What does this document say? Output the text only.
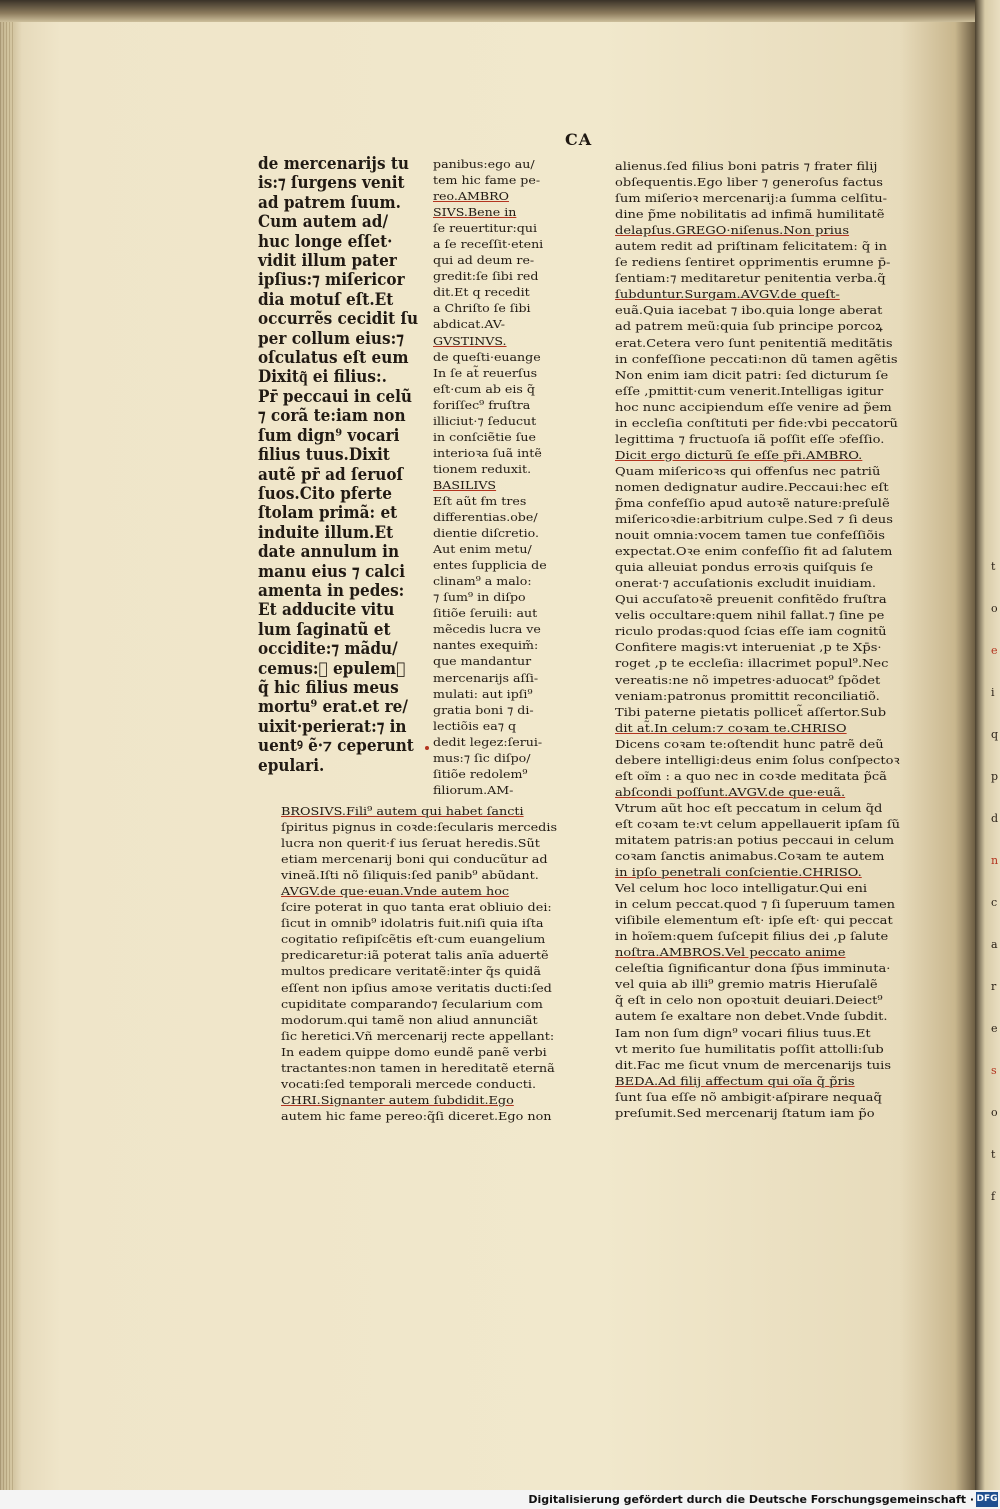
t
o
e
i
q
p
d
n
c
a
r
e
s
o
t
f
CA
de mercenarijs tu
is:⁊ ſurgens venit
ad patrem ſuum.
Cum autem ad/
huc longe eſſet·
vidit illum pater
ipſius:⁊ miſericor
dia motuſ eſt.Et
occurrẽs cecidit ſu
per collum eius:⁊
oſculatus eſt eum
Dixitq͂ ei filius:.
Pr̄ peccaui in celũ
⁊ corã te:iam non
ſum dign⁹ vocari
filius tuus.Dixit
autẽ pr̄ ad ſeruoſ
ſuos.Cito pferte
ſtolam primã: et
induite illum.Et
date annulum in
manu eius ⁊ calci
amenta in pedes:
Et adducite vitu
lum ſaginatũ et
occidite:⁊ mãdu/
cemus:⁊ epulemᷣ
q̃ hic filius meus
mortu⁹ erat.et re/
uixit·perierat:⁊ in
uentꝰ ẽ·⁊ ceperunt
epulari.
panibus:ego au/
tem hic fame pe-
reo.AMBRO
SIVS.Bene in
ſe reuertitur:qui
a ſe receſſit·eteni
qui ad deum re-
gredit:ſe ſibi red
dit.Et q recedit
a Chriſto ſe ſibi
abdicat.AV-
GVSTINVS.
de queſti·euange
In ſe at̃ reuerſus
eſt·cum ab eis q̃
foriſſec⁹ fruſtra
illiciut·⁊ ſeducut
in conſciẽtie ſue
interioꝛa ſuã intẽ
tionem reduxit.
BASILIVS
Eſt aũt ẜm tres
differentias.obe/
dientie diſcretio.
Aut enim metu/
entes ſupplicia de
clinam⁹ a malo:
⁊ ſum⁹ in diſpo
ſitiõe ſeruili: aut
mẽcedis lucra ve
nantes exequim̃:
que mandantur
mercenarijs aſſi-
mulati: aut ipſi⁹
gratia boni ⁊ di-
lectiõis ea⁊ q
dedit legez:ſerui-
mus:⁊ ſic diſpo/
ſitiõe redolem⁹
filiorum.AM-
BROSIVS.Fili⁹ autem qui habet ſancti
ſpiritus pignus in coꝛde:ſecularis mercedis
lucra non querit·ẜ ius ſeruat heredis.Sũt
etiam mercenarij boni qui conducũtur ad
vineã.Iſti nõ ſiliquis:ſed panib⁹ abũdant.
AVGV.de que·euan.Vnde autem hoc
ſcire poterat in quo tanta erat obliuio dei:
ſicut in omnib⁹ idolatris fuit.niſi quia iſta
cogitatio reſipiſcẽtis eſt·cum euangelium
predicaretur:iã poterat talis anĩa aduertẽ
multos predicare veritatẽ:inter q̃s quidã
eſſent non ipſius amoꝛe veritatis ducti:ſed
cupiditate comparando⁊ ſecularium com
modorum.qui tamẽ non aliud annunciãt
ſic heretici.Vñ mercenarij recte appellant:
In eadem quippe domo eundẽ panẽ verbi
tractantes:non tamen in hereditatẽ eternã
vocati:ſed temporali mercede conducti.
CHRI.Signanter autem ſubdidit.Ego
autem hic fame pereo:q̃ſi diceret.Ego non
alienus.ſed filius boni patris ⁊ frater filij
obſequentis.Ego liber ⁊ generoſus factus
ſum miſerioꝛ mercenarij:a ſumma celſitu-
dine p̃me nobilitatis ad infimã humilitatẽ
delapſus.GREGO·niſenus.Non prius
autem redit ad priſtinam felicitatem: q̃ in
ſe rediens ſentiret opprimentis erumne p̄-
ſentiam:⁊ meditaretur penitentia verba.q̃
ſubduntur.Surgam.AVGV.de queſt-
euã.Quia iacebat ⁊ ibo.quia longe aberat
ad patrem meũ:quia ſub principe porcoꝝ
erat.Cetera vero ſunt penitentiã meditãtis
in confeſſione peccati:non dũ tamen agẽtis
Non enim iam dicit patri: ſed dicturum ſe
eſſe ,pmittit·cum venerit.Intelligas igitur
hoc nunc accipiendum eſſe venire ad p̃em
in eccleſia conſtituti per fide:vbi peccatorũ
legittima ⁊ fructuoſa iã poſſit eſſe ↄfeſſio.
Dicit ergo dicturũ ſe eſſe pr̄i.AMBRO.
Quam miſericoꝛs qui offenſus nec patriũ
nomen dedignatur audire.Peccaui:hec eſt
p̃ma confeſſio apud autoꝛẽ nature:preſulẽ
miſericoꝛdie:arbitrium culpe.Sed ⁊ ſi deus
nouit omnia:vocem tamen tue confeſſiõis
expectat.Oꝛe enim confeſſio fit ad ſalutem
quia alleuiat pondus erroꝛis quiſquis ſe
onerat·⁊ accuſationis excludit inuidiam.
Qui accuſatoꝛẽ preuenit confitẽdo fruſtra
velis occultare:quem nihil fallat.⁊ ſine pe
riculo prodas:quod ſcias eſſe iam cognitũ
Confitere magis:vt interueniat ,p te Xp̄s·
roget ,p te eccleſia: illacrimet popul⁹.Nec
vereatis:ne nõ impetres·aduocat⁹ ſpõdet
veniam:patronus promittit reconciliatiõ.
Tibi paterne pietatis pollicet̃ aſſertor.Sub
dit at̃.In celum:⁊ coꝛam te.CHRISO
Dicens coꝛam te:oſtendit hunc patrẽ deũ
debere intelligi:deus enim ſolus conſpectoꝛ
eſt oĩm : a quo nec in coꝛde meditata p̃cã
abſcondi poſſunt.AVGV.de que·euã.
Vtrum aũt hoc eſt peccatum in celum q̃d
eſt coꝛam te:vt celum appellauerit ipſam ſũ
mitatem patris:an potius peccaui in celum
coꝛam ſanctis animabus.Coꝛam te autem
in ipſo penetrali conſcientie.CHRISO.
Vel celum hoc loco intelligatur.Qui eni
in celum peccat.quod ⁊ ſi ſuperuum tamen
viſibile elementum eſt· ipſe eſt· qui peccat
in hoĩem:quem ſuſcepit filius dei ,p ſalute
noſtra.AMBROS.Vel peccato anime
celeſtia ſignificantur dona ſp̄us imminuta·
vel quia ab illi⁹ gremio matris Hieruſalẽ
q̃ eſt in celo non opoꝛtuit deuiari.Deiect⁹
autem ſe exaltare non debet.Vnde ſubdit.
Iam non ſum dign⁹ vocari filius tuus.Et
vt merito ſue humilitatis poſſit attolli:ſub
dit.Fac me ſicut vnum de mercenarijs tuis
BEDA.Ad filij affectum qui oĩa q̃ p̃ris
ſunt ſua eſſe nõ ambigit·aſpirare nequaq̃
preſumit.Sed mercenarij ſtatum iam p̃o
Digitalisierung gefördert durch die Deutsche Forschungsgemeinschaft · DFG
